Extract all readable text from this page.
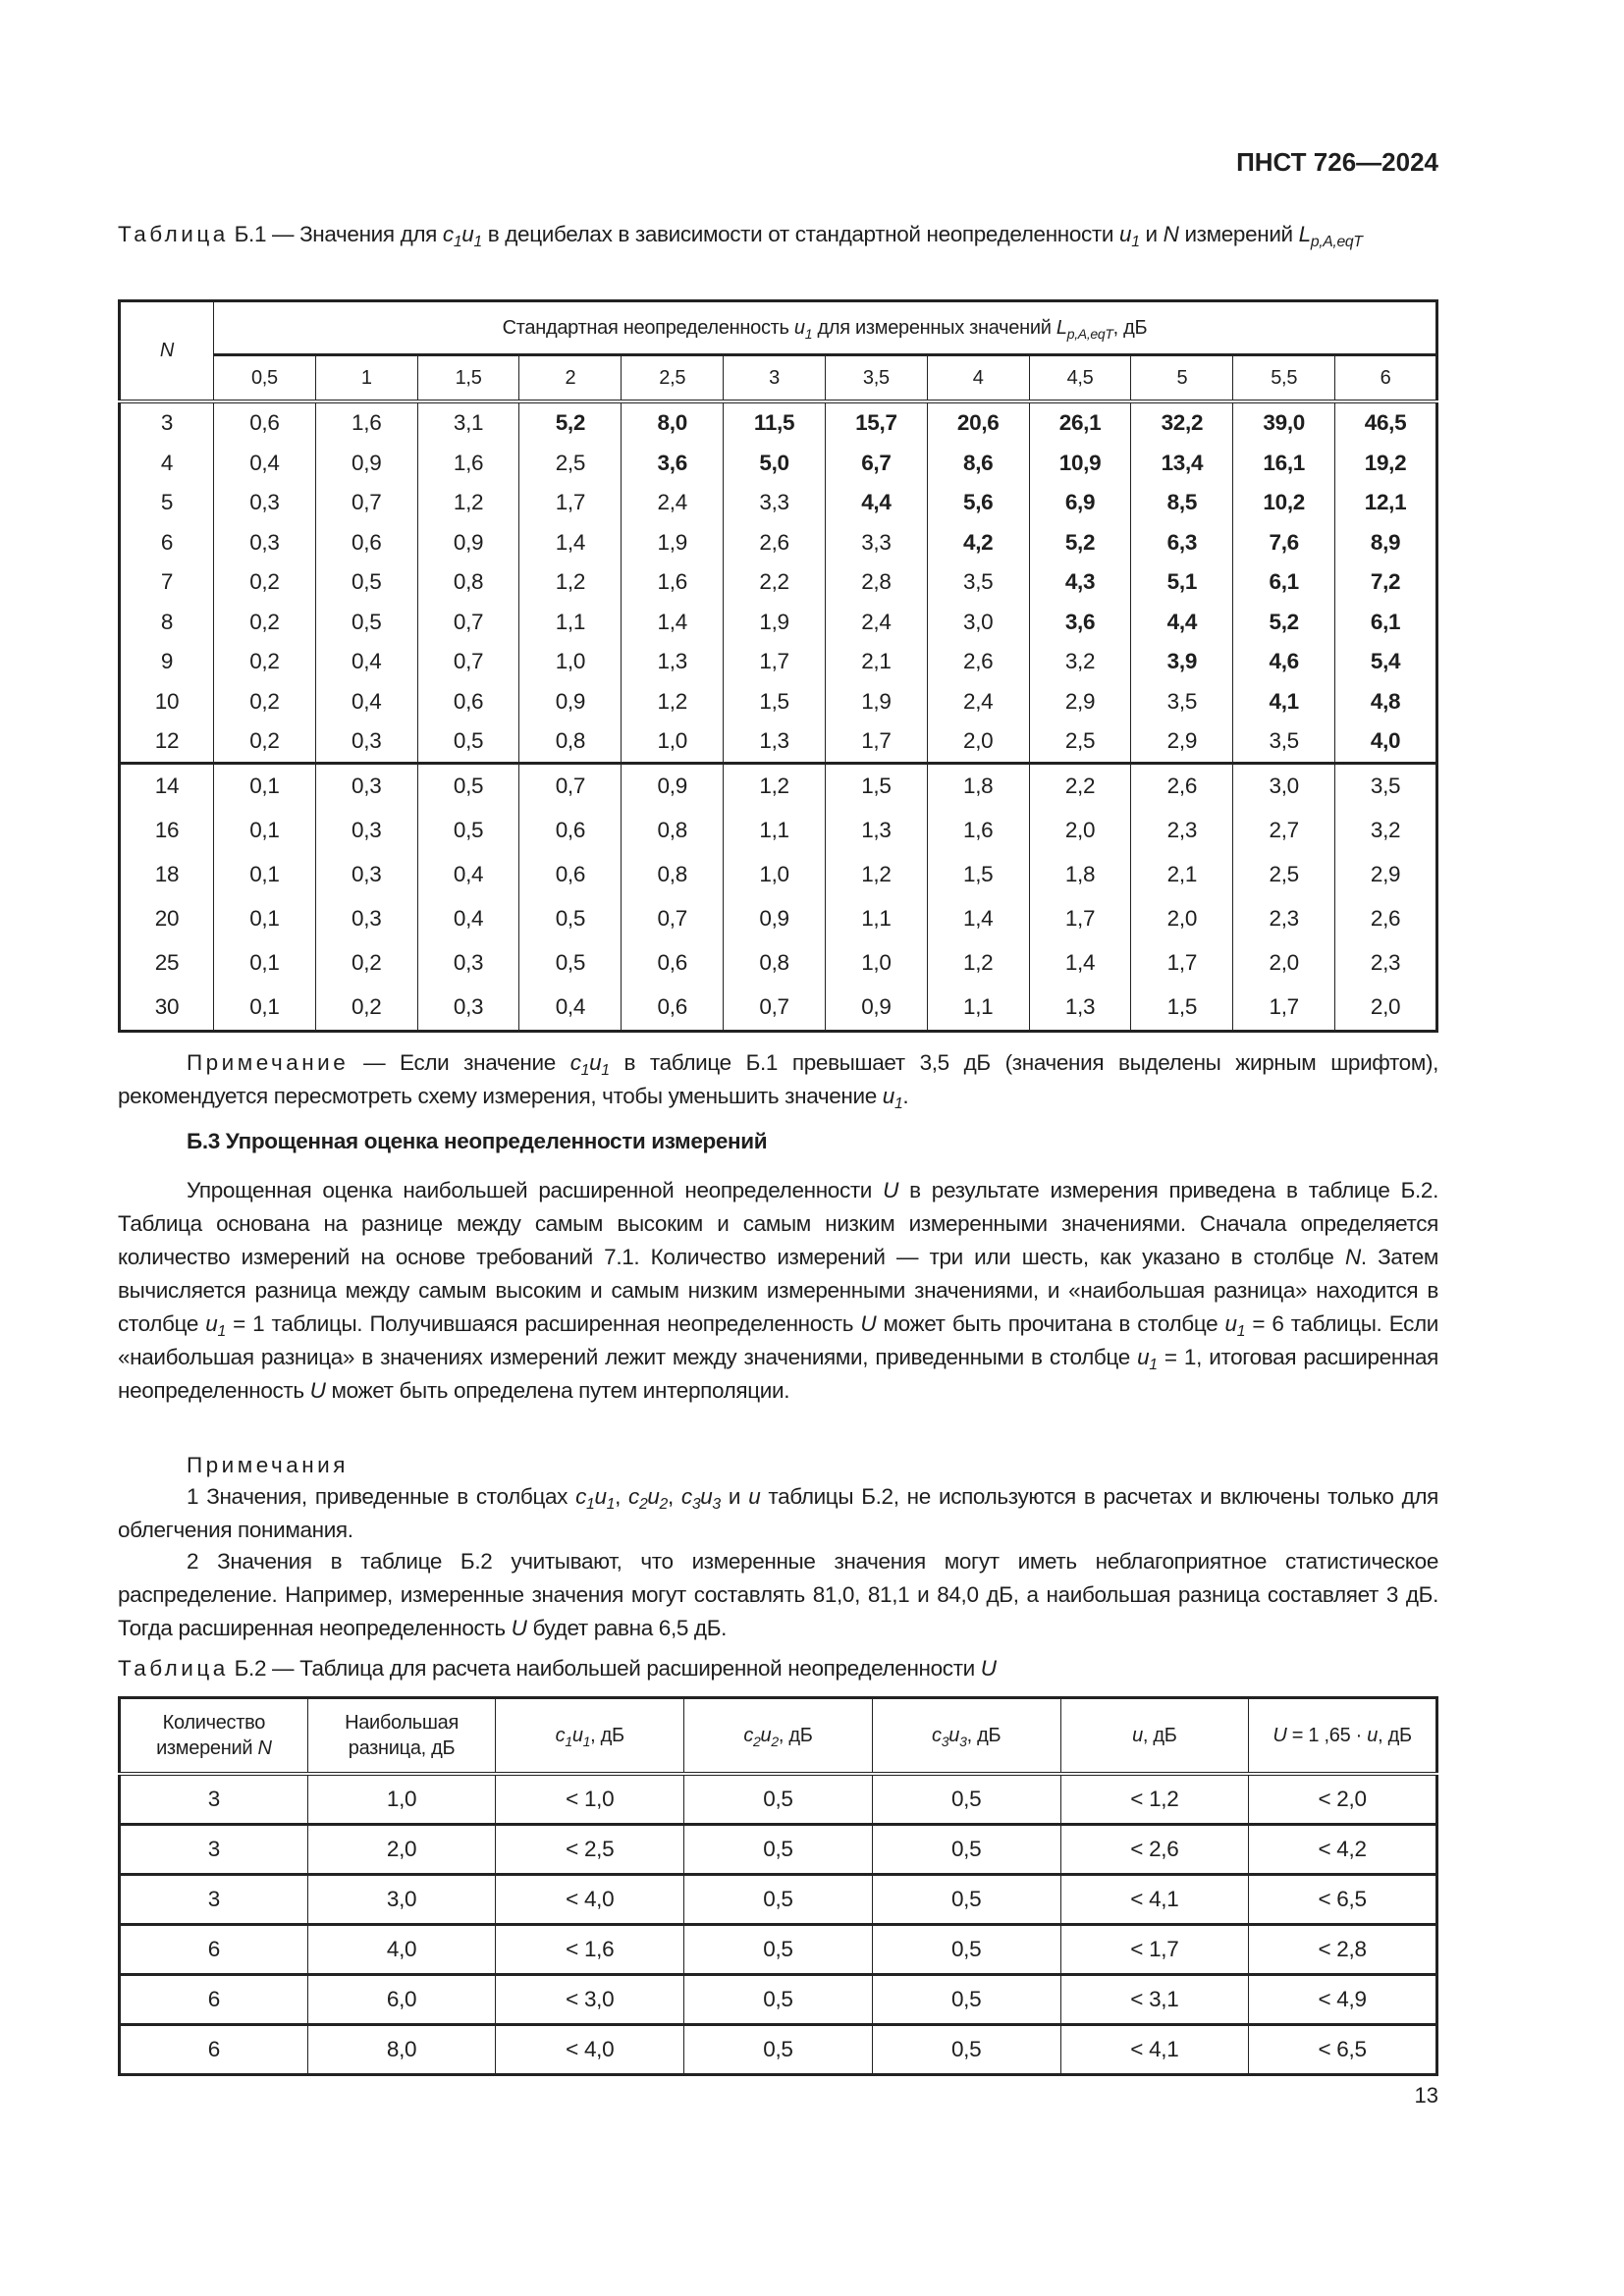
ПНСТ 726—2024
Таблица Б.1 — Значения для $c_1u_1$ в децибелах в зависимости от стандартной неопределенности $u_1$ и N измерений $L_{p,A,eqT}$
N	Стандартная неопределенность $u_1$ для измеренных значений $L_{p,A,eqT}$, дБ											
	0,5	1	1,5	2	2,5	3	3,5	4	4,5	5	5,5	6
3	0,6	1,6	3,1	5,2	8,0	11,5	15,7	20,6	26,1	32,2	39,0	46,5
4	0,4	0,9	1,6	2,5	3,6	5,0	6,7	8,6	10,9	13,4	16,1	19,2
5	0,3	0,7	1,2	1,7	2,4	3,3	4,4	5,6	6,9	8,5	10,2	12,1
6	0,3	0,6	0,9	1,4	1,9	2,6	3,3	4,2	5,2	6,3	7,6	8,9
7	0,2	0,5	0,8	1,2	1,6	2,2	2,8	3,5	4,3	5,1	6,1	7,2
8	0,2	0,5	0,7	1,1	1,4	1,9	2,4	3,0	3,6	4,4	5,2	6,1
9	0,2	0,4	0,7	1,0	1,3	1,7	2,1	2,6	3,2	3,9	4,6	5,4
10	0,2	0,4	0,6	0,9	1,2	1,5	1,9	2,4	2,9	3,5	4,1	4,8
12	0,2	0,3	0,5	0,8	1,0	1,3	1,7	2,0	2,5	2,9	3,5	4,0
14	0,1	0,3	0,5	0,7	0,9	1,2	1,5	1,8	2,2	2,6	3,0	3,5
16	0,1	0,3	0,5	0,6	0,8	1,1	1,3	1,6	2,0	2,3	2,7	3,2
18	0,1	0,3	0,4	0,6	0,8	1,0	1,2	1,5	1,8	2,1	2,5	2,9
20	0,1	0,3	0,4	0,5	0,7	0,9	1,1	1,4	1,7	2,0	2,3	2,6
25	0,1	0,2	0,3	0,5	0,6	0,8	1,0	1,2	1,4	1,7	2,0	2,3
30	0,1	0,2	0,3	0,4	0,6	0,7	0,9	1,1	1,3	1,5	1,7	2,0
Примечание — Если значение $c_1u_1$ в таблице Б.1 превышает 3,5 дБ (значения выделены жирным шрифтом), рекомендуется пересмотреть схему измерения, чтобы уменьшить значение $u_1$.
Б.3 Упрощенная оценка неопределенности измерений
Упрощенная оценка наибольшей расширенной неопределенности U в результате измерения приведена в таблице Б.2. Таблица основана на разнице между самым высоким и самым низким измеренными значениями. Сначала определяется количество измерений на основе требований 7.1. Количество измерений — три или шесть, как указано в столбце N. Затем вычисляется разница между самым высоким и самым низким измеренными значениями, и «наибольшая разница» находится в столбце $u_1 = 1$ таблицы. Получившаяся расширенная неопределенность U может быть прочитана в столбце $u_1 = 6$ таблицы. Если «наибольшая разница» в значениях измерений лежит между значениями, приведенными в столбце $u_1 = 1$, итоговая расширенная неопределенность U может быть определена путем интерполяции.
Примечания
1 Значения, приведенные в столбцах $c_1u_1$, $c_2u_2$, $c_3u_3$ и u таблицы Б.2, не используются в расчетах и включены только для облегчения понимания.
2 Значения в таблице Б.2 учитывают, что измеренные значения могут иметь неблагоприятное статистическое распределение. Например, измеренные значения могут составлять 81,0, 81,1 и 84,0 дБ, а наибольшая разница составляет 3 дБ. Тогда расширенная неопределенность U будет равна 6,5 дБ.
Таблица Б.2 — Таблица для расчета наибольшей расширенной неопределенности U
Количество измерений N	Наибольшая разница, дБ	$c_1u_1$, дБ	$c_2u_2$, дБ	$c_3u_3$, дБ	u, дБ	U = 1 ,65 · u, дБ
3	1,0	< 1,0	0,5	0,5	< 1,2	< 2,0
3	2,0	< 2,5	0,5	0,5	< 2,6	< 4,2
3	3,0	< 4,0	0,5	0,5	< 4,1	< 6,5
6	4,0	< 1,6	0,5	0,5	< 1,7	< 2,8
6	6,0	< 3,0	0,5	0,5	< 3,1	< 4,9
6	8,0	< 4,0	0,5	0,5	< 4,1	< 6,5
13
